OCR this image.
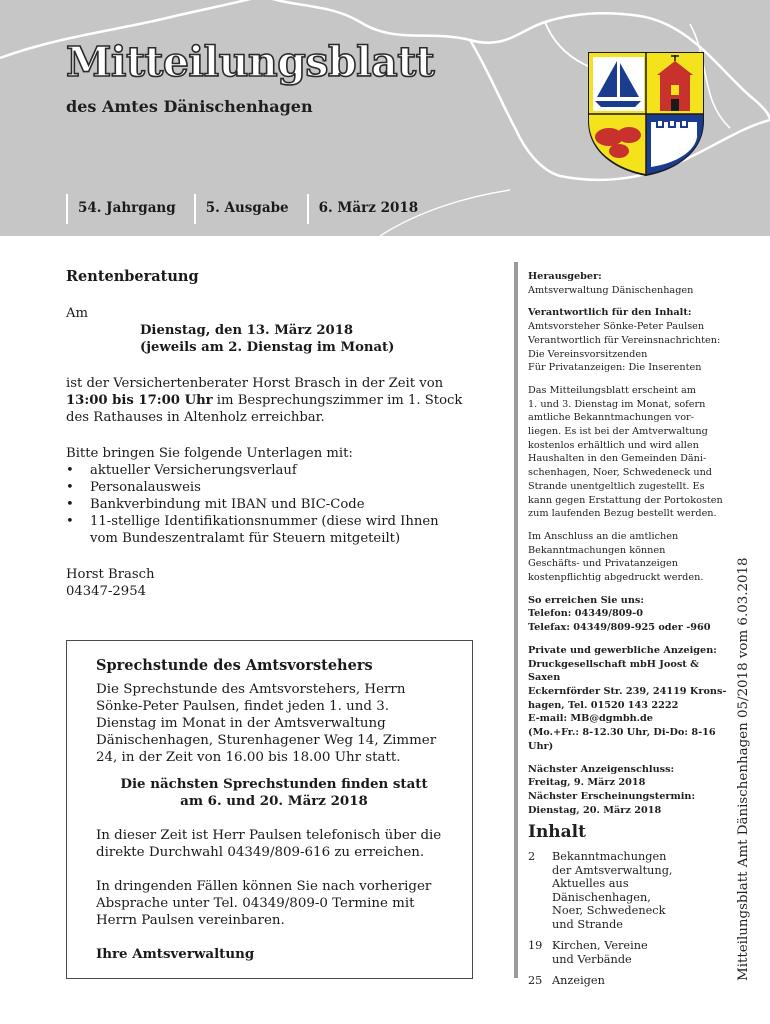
Mitteilungsblatt
des Amtes Dänischenhagen
54. Jahrgang	5. Ausgabe	6. März 2018
Rentenberatung
Am
Dienstag, den 13. März 2018
(jeweils am 2. Dienstag im Monat)
ist der Versichertenberater Horst Brasch in der Zeit von 13:00 bis 17:00 Uhr im Besprechungszimmer im 1. Stock des Rathauses in Altenholz erreichbar.
Bitte bringen Sie folgende Unterlagen mit:
• aktueller Versicherungsverlauf
• Personalausweis
• Bankverbindung mit IBAN und BIC-Code
• 11-stellige Identifikationsnummer (diese wird Ihnen vom Bundeszentralamt für Steuern mitgeteilt)
Horst Brasch
04347-2954
Sprechstunde des Amtsvorstehers
Die Sprechstunde des Amtsvorstehers, Herrn Sönke-Peter Paulsen, findet jeden 1. und 3. Dienstag im Monat in der Amtsverwaltung Dänischenhagen, Sturenhagener Weg 14, Zimmer 24, in der Zeit von 16.00 bis 18.00 Uhr statt.
Die nächsten Sprechstunden finden statt
am 6. und 20. März 2018
In dieser Zeit ist Herr Paulsen telefonisch über die direkte Durchwahl 04349/809-616 zu erreichen.
In dringenden Fällen können Sie nach vorheriger Absprache unter Tel. 04349/809-0 Termine mit Herrn Paulsen vereinbaren.
Ihre Amtsverwaltung
Herausgeber:
Amtsverwaltung Dänischenhagen
Verantwortlich für den Inhalt:
Amtsvorsteher Sönke-Peter Paulsen
Verantwortlich für Vereinsnachrichten:
Die Vereinsvorsitzenden
Für Privatanzeigen: Die Inserenten
Das Mitteilungsblatt erscheint am
1. und 3. Dienstag im Monat, sofern
amtliche Bekanntmachungen vor-
liegen. Es ist bei der Amtverwaltung
kostenlos erhältlich und wird allen
Haushalten in den Gemeinden Däni-
schenhagen, Noer, Schwedeneck und
Strande unentgeltlich zugestellt. Es
kann gegen Erstattung der Portokosten
zum laufenden Bezug bestellt werden.
Im Anschluss an die amtlichen
Bekanntmachungen können
Geschäfts- und Privatanzeigen
kostenpflichtig abgedruckt werden.
So erreichen Sie uns:
Telefon: 04349/809-0
Telefax: 04349/809-925 oder -960
Private und gewerbliche Anzeigen:
Druckgesellschaft mbH Joost & Saxen
Eckernförder Str. 239, 24119 Krons-
hagen, Tel. 01520 143 2222
E-mail: MB@dgmbh.de
(Mo.+Fr.: 8-12.30 Uhr, Di-Do: 8-16 Uhr)
Nächster Anzeigenschluss:
Freitag, 9. März 2018
Nächster Erscheinungstermin:
Dienstag, 20. März 2018
Inhalt
2	Bekanntmachungen
der Amtsverwaltung,
Aktuelles aus
Dänischenhagen,
Noer, Schwedeneck
und Strande
19 Kirchen, Vereine
und Verbände
25 Anzeigen	Mitteilungsblatt Amt Dänischenhagen 05/2018 vom 6.03.2018
